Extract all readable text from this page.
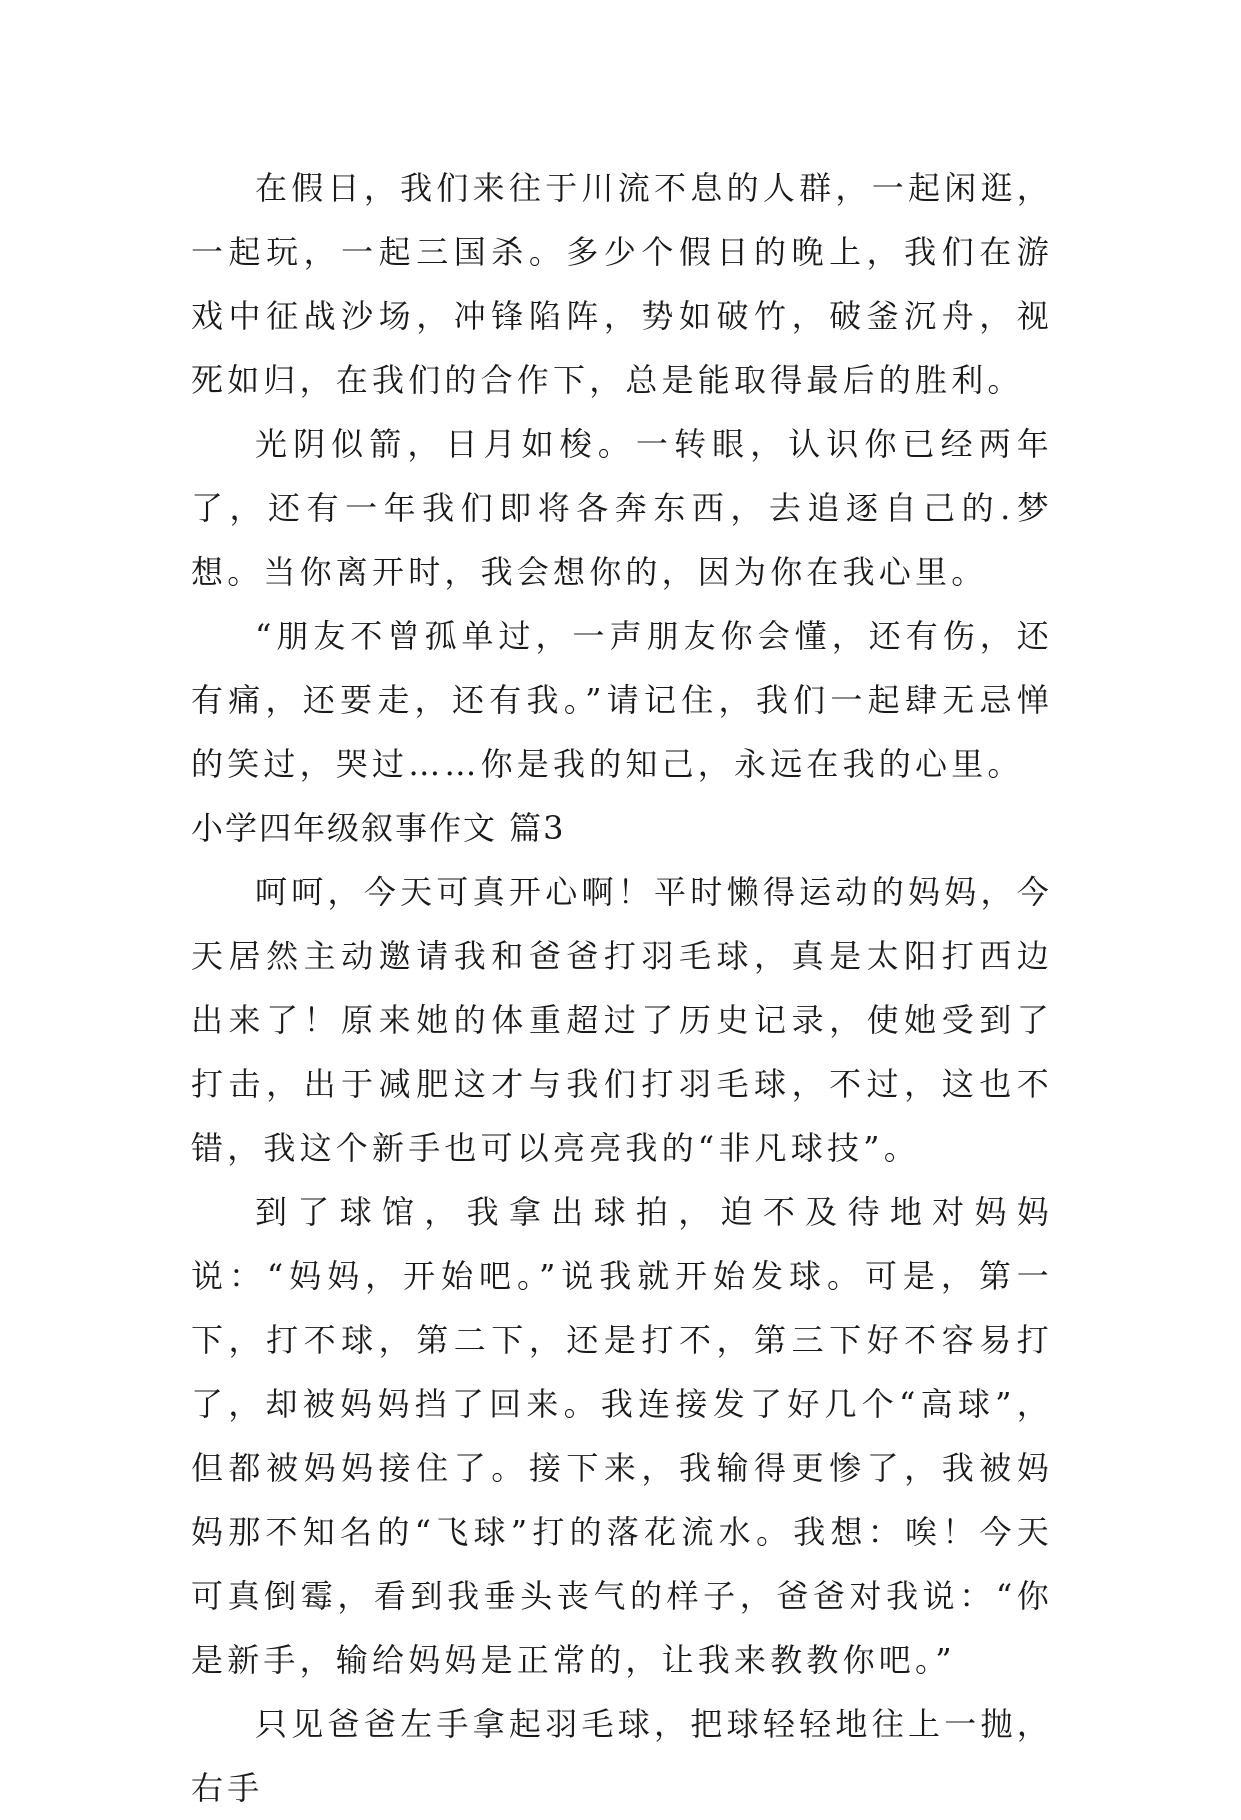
在假日，我们来往于川流不息的人群，一起闲逛，一起玩，一起三国杀。多少个假日的晚上，我们在游戏中征战沙场，冲锋陷阵，势如破竹，破釜沉舟，视死如归，在我们的合作下，总是能取得最后的胜利。

光阴似箭，日月如梭。一转眼，认识你已经两年了，还有一年我们即将各奔东西，去追逐自己的.梦想。当你离开时，我会想你的，因为你在我心里。

“朋友不曾孤单过，一声朋友你会懂，还有伤，还有痛，还要走，还有我。”请记住，我们一起肆无忌惮的笑过，哭过……你是我的知己，永远在我的心里。

小学四年级叙事作文 篇3

呵呵，今天可真开心啊！平时懒得运动的妈妈，今天居然主动邀请我和爸爸打羽毛球，真是太阳打西边出来了！原来她的体重超过了历史记录，使她受到了打击，出于减肥这才与我们打羽毛球，不过，这也不错，我这个新手也可以亮亮我的“非凡球技”。

到了球馆，我拿出球拍，迫不及待地对妈妈说：“妈妈，开始吧。”说我就开始发球。可是，第一下，打不球，第二下，还是打不，第三下好不容易打了，却被妈妈挡了回来。我连接发了好几个“高球”，但都被妈妈接住了。接下来，我输得更惨了，我被妈妈那不知名的“飞球”打的落花流水。我想：唉！今天可真倒霉，看到我垂头丧气的样子，爸爸对我说：“你是新手，输给妈妈是正常的，让我来教教你吧。”

只见爸爸左手拿起羽毛球，把球轻轻地往上一抛，右手
